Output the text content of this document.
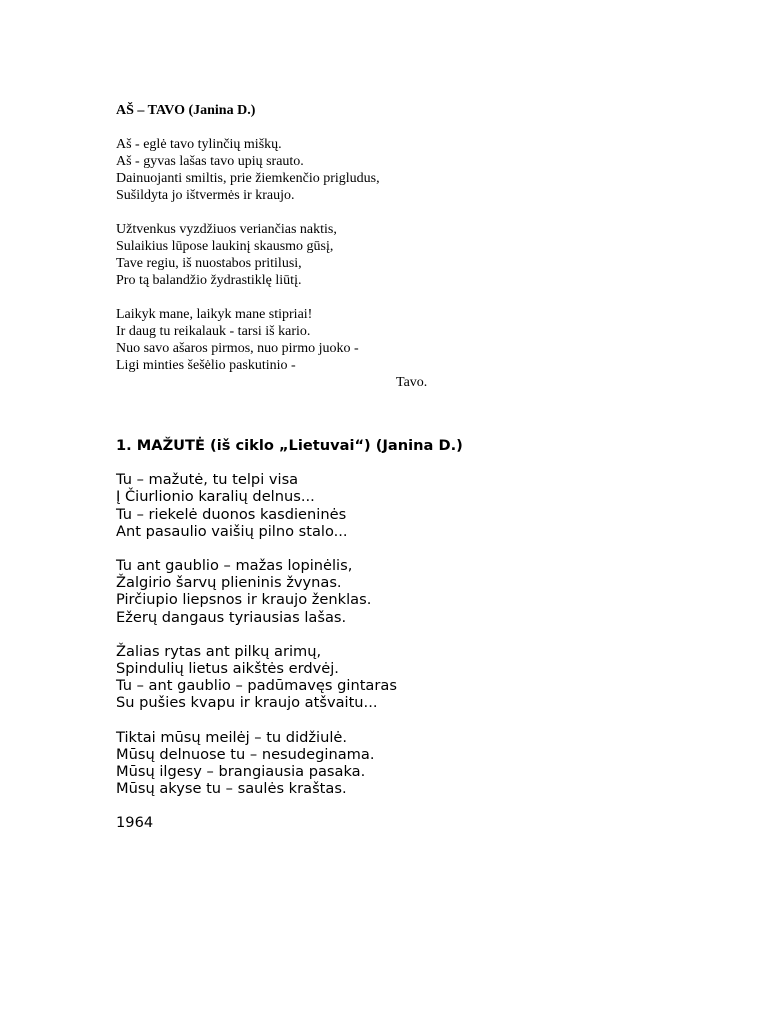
AŠ – TAVO (Janina D.)
Aš - eglė tavo tylinčių miškų.
Aš - gyvas lašas tavo upių srauto.
Dainuojanti smiltis, prie žiemkenčio prigludus,
Sušildyta jo ištvermės ir kraujo.
Užtvenkus vyzdžiuos veriančias naktis,
Sulaikius lūpose laukinį skausmo gūsį,
Tave regiu, iš nuostabos pritilusi,
Pro tą balandžio žydrastiklę liūtį.
Laikyk mane, laikyk mane stipriai!
Ir daug tu reikalauk - tarsi iš kario.
Nuo savo ašaros pirmos, nuo pirmo juoko -
Ligi minties šešėlio paskutinio -
Tavo.
1. MAŽUTĖ (iš ciklo „Lietuvai“) (Janina D.)
Tu – mažutė, tu telpi visa
Į Čiurlionio karalių delnus...
Tu – riekelė duonos kasdieninės
Ant pasaulio vaišių pilno stalo...
Tu ant gaublio – mažas lopinėlis,
Žalgirio šarvų plieninis žvynas.
Pirčiupio liepsnos ir kraujo ženklas.
Ežerų dangaus tyriausias lašas.
Žalias rytas ant pilkų arimų,
Spindulių lietus aikštės erdvėj.
Tu – ant gaublio – padūmavęs gintaras
Su pušies kvapu ir kraujo atšvaitu...
Tiktai mūsų meilėj – tu didžiulė.
Mūsų delnuose tu – nesudeginama.
Mūsų ilgesy – brangiausia pasaka.
Mūsų akyse tu – saulės kraštas.
1964
